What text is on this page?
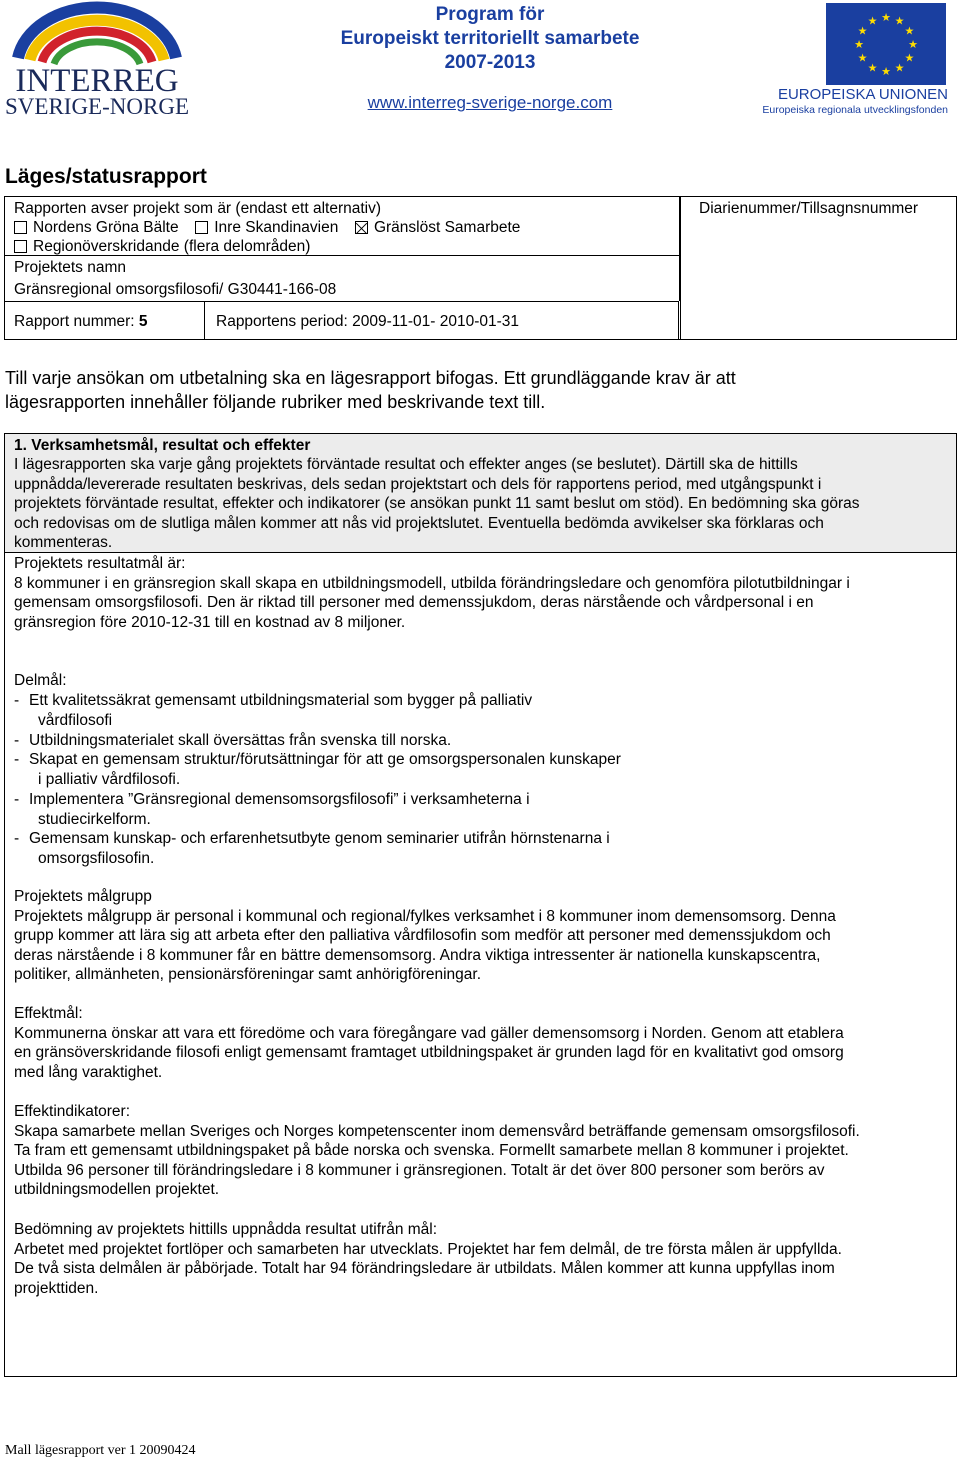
INTERREG
SVERIGE-NORGE
Program för
Europeiskt territoriellt samarbete
2007-2013
www.interreg-sverige-norge.com
★ ★
★
★
★
★
★
★
★
★
★
★
EUROPEISKA UNIONEN
Europeiska regionala utvecklingsfonden
Läges/statusrapport
Rapporten avser projekt som är (endast ett alternativ)
Nordens Gröna Bälte Inre Skandinavien Gränslöst Samarbete
Regionöverskridande (flera delområden)
Projektets namn
Gränsregional omsorgsfilosofi/ G30441-166-08
Rapport nummer: 5	Rapportens period: 2009-11-01- 2010-01-31
Diarienummer/Tillsagnsnummer
Till varje ansökan om utbetalning ska en lägesrapport bifogas. Ett grundläggande krav är att
lägesrapporten innehåller följande rubriker med beskrivande text till.
1. Verksamhetsmål, resultat och effekter
I lägesrapporten ska varje gång projektets förväntade resultat och effekter anges (se beslutet). Därtill ska de hittills
uppnådda/levererade resultaten beskrivas, dels sedan projektstart och dels för rapportens period, med utgångspunkt i
projektets förväntade resultat, effekter och indikatorer (se ansökan punkt 11 samt beslut om stöd). En bedömning ska göras
och redovisas om de slutliga målen kommer att nås vid projektslutet. Eventuella bedömda avvikelser ska förklaras och
kommenteras.
Projektets resultatmål är:
8 kommuner i en gränsregion skall skapa en utbildningsmodell, utbilda förändringsledare och genomföra pilotutbildningar i
gemensam omsorgsfilosofi. Den är riktad till personer med demenssjukdom, deras närstående och vårdpersonal i en
gränsregion före 2010-12-31 till en kostnad av 8 miljoner.
Delmål:
- Ett kvalitetssäkrat gemensamt utbildningsmaterial som bygger på palliativ
vårdfilosofi
- Utbildningsmaterialet skall översättas från svenska till norska.
- Skapat en gemensam struktur/förutsättningar för att ge omsorgspersonalen kunskaper
i palliativ vårdfilosofi.
- Implementera ”Gränsregional demensomsorgsfilosofi” i verksamheterna i
studiecirkelform.
- Gemensam kunskap- och erfarenhetsutbyte genom seminarier utifrån hörnstenarna i
omsorgsfilosofin.
Projektets målgrupp
Projektets målgrupp är personal i kommunal och regional/fylkes verksamhet i 8 kommuner inom demensomsorg. Denna
grupp kommer att lära sig att arbeta efter den palliativa vårdfilosofin som medför att personer med demenssjukdom och
deras närstående i 8 kommuner får en bättre demensomsorg. Andra viktiga intressenter är nationella kunskapscentra,
politiker, allmänheten, pensionärsföreningar samt anhörigföreningar.
Effektmål:
Kommunerna önskar att vara ett föredöme och vara föregångare vad gäller demensomsorg i Norden. Genom att etablera
en gränsöverskridande filosofi enligt gemensamt framtaget utbildningspaket är grunden lagd för en kvalitativt god omsorg
med lång varaktighet.
Effektindikatorer:
Skapa samarbete mellan Sveriges och Norges kompetenscenter inom demensvård beträffande gemensam omsorgsfilosofi.
Ta fram ett gemensamt utbildningspaket på både norska och svenska. Formellt samarbete mellan 8 kommuner i projektet.
Utbilda 96 personer till förändringsledare i 8 kommuner i gränsregionen. Totalt är det över 800 personer som berörs av
utbildningsmodellen projektet.
Bedömning av projektets hittills uppnådda resultat utifrån mål:
Arbetet med projektet fortlöper och samarbeten har utvecklats. Projektet har fem delmål, de tre första målen är uppfyllda.
De två sista delmålen är påbörjade. Totalt har 94 förändringsledare är utbildats. Målen kommer att kunna uppfyllas inom
projekttiden.
Mall lägesrapport ver 1 20090424
